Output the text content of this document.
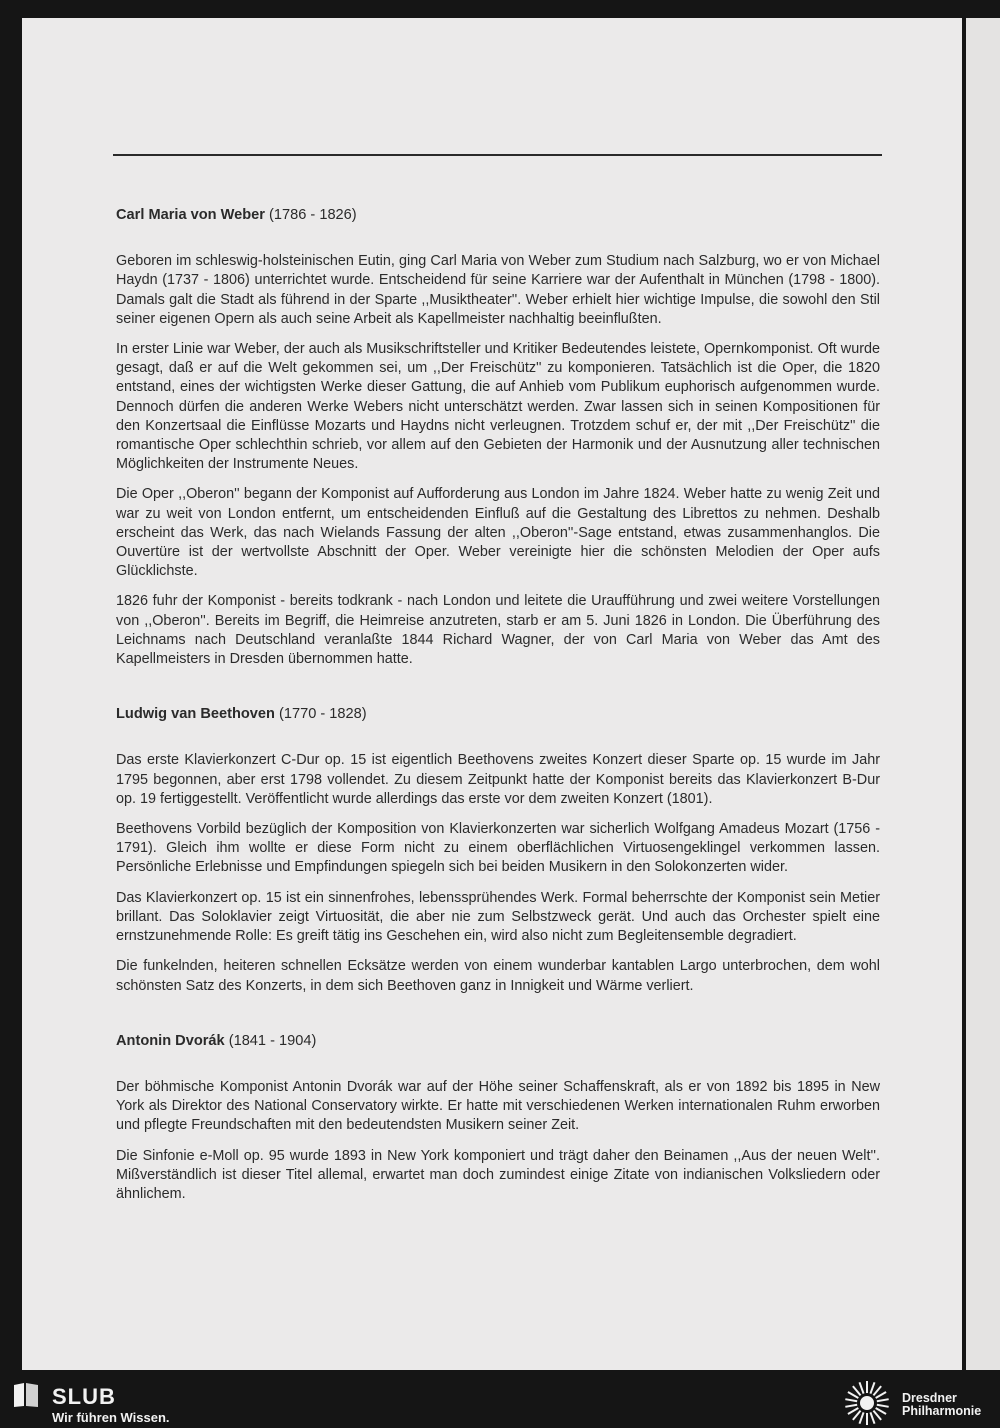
Carl Maria von Weber (1786 - 1826)

Geboren im schleswig-holsteinischen Eutin, ging Carl Maria von Weber zum Studium nach Salzburg, wo er von Michael Haydn (1737 - 1806) unterrichtet wurde. Entscheidend für seine Karriere war der Aufenthalt in München (1798 - 1800). Damals galt die Stadt als führend in der Sparte ,,Musiktheater''. Weber erhielt hier wichtige Impulse, die sowohl den Stil seiner eigenen Opern als auch seine Arbeit als Kapellmeister nachhaltig beeinflußten.

In erster Linie war Weber, der auch als Musikschriftsteller und Kritiker Bedeutendes leistete, Opernkomponist. Oft wurde gesagt, daß er auf die Welt gekommen sei, um ,,Der Freischütz'' zu komponieren. Tatsächlich ist die Oper, die 1820 entstand, eines der wichtigsten Werke dieser Gattung, die auf Anhieb vom Publikum euphorisch aufgenommen wurde. Dennoch dürfen die anderen Werke Webers nicht unterschätzt werden. Zwar lassen sich in seinen Kompositionen für den Konzertsaal die Einflüsse Mozarts und Haydns nicht verleugnen. Trotzdem schuf er, der mit ,,Der Freischütz'' die romantische Oper schlechthin schrieb, vor allem auf den Gebieten der Harmonik und der Ausnutzung aller technischen Möglichkeiten der Instrumente Neues.

Die Oper ,,Oberon'' begann der Komponist auf Aufforderung aus London im Jahre 1824. Weber hatte zu wenig Zeit und war zu weit von London entfernt, um entscheidenden Einfluß auf die Gestaltung des Librettos zu nehmen. Deshalb erscheint das Werk, das nach Wielands Fassung der alten ,,Oberon''-Sage entstand, etwas zusammenhanglos. Die Ouvertüre ist der wertvollste Abschnitt der Oper. Weber vereinigte hier die schönsten Melodien der Oper aufs Glücklichste.

1826 fuhr der Komponist - bereits todkrank - nach London und leitete die Uraufführung und zwei weitere Vorstellungen von ,,Oberon''. Bereits im Begriff, die Heimreise anzutreten, starb er am 5. Juni 1826 in London. Die Überführung des Leichnams nach Deutschland veranlaßte 1844 Richard Wagner, der von Carl Maria von Weber das Amt des Kapellmeisters in Dresden übernommen hatte.

Ludwig van Beethoven (1770 - 1828)

Das erste Klavierkonzert C-Dur op. 15 ist eigentlich Beethovens zweites Konzert dieser Sparte op. 15 wurde im Jahr 1795 begonnen, aber erst 1798 vollendet. Zu diesem Zeitpunkt hatte der Komponist bereits das Klavierkonzert B-Dur op. 19 fertiggestellt. Veröffentlicht wurde allerdings das erste vor dem zweiten Konzert (1801).

Beethovens Vorbild bezüglich der Komposition von Klavierkonzerten war sicherlich Wolfgang Amadeus Mozart (1756 - 1791). Gleich ihm wollte er diese Form nicht zu einem oberflächlichen Virtuosengeklingel verkommen lassen. Persönliche Erlebnisse und Empfindungen spiegeln sich bei beiden Musikern in den Solokonzerten wider.

Das Klavierkonzert op. 15 ist ein sinnenfrohes, lebenssprühendes Werk. Formal beherrschte der Komponist sein Metier brillant. Das Soloklavier zeigt Virtuosität, die aber nie zum Selbstzweck gerät. Und auch das Orchester spielt eine ernstzunehmende Rolle: Es greift tätig ins Geschehen ein, wird also nicht zum Begleitensemble degradiert.

Die funkelnden, heiteren schnellen Ecksätze werden von einem wunderbar kantablen Largo unterbrochen, dem wohl schönsten Satz des Konzerts, in dem sich Beethoven ganz in Innigkeit und Wärme verliert.

Antonin Dvorák (1841 - 1904)

Der böhmische Komponist Antonin Dvorák war auf der Höhe seiner Schaffenskraft, als er von 1892 bis 1895 in New York als Direktor des National Conservatory wirkte. Er hatte mit verschiedenen Werken internationalen Ruhm erworben und pflegte Freundschaften mit den bedeutendsten Musikern seiner Zeit.

Die Sinfonie e-Moll op. 95 wurde 1893 in New York komponiert und trägt daher den Beinamen ,,Aus der neuen Welt''. Mißverständlich ist dieser Titel allemal, erwartet man doch zumindest einige Zitate von indianischen Volksliedern oder ähnlichem.

SLUB
Wir führen Wissen.
Dresdner
Philharmonie
